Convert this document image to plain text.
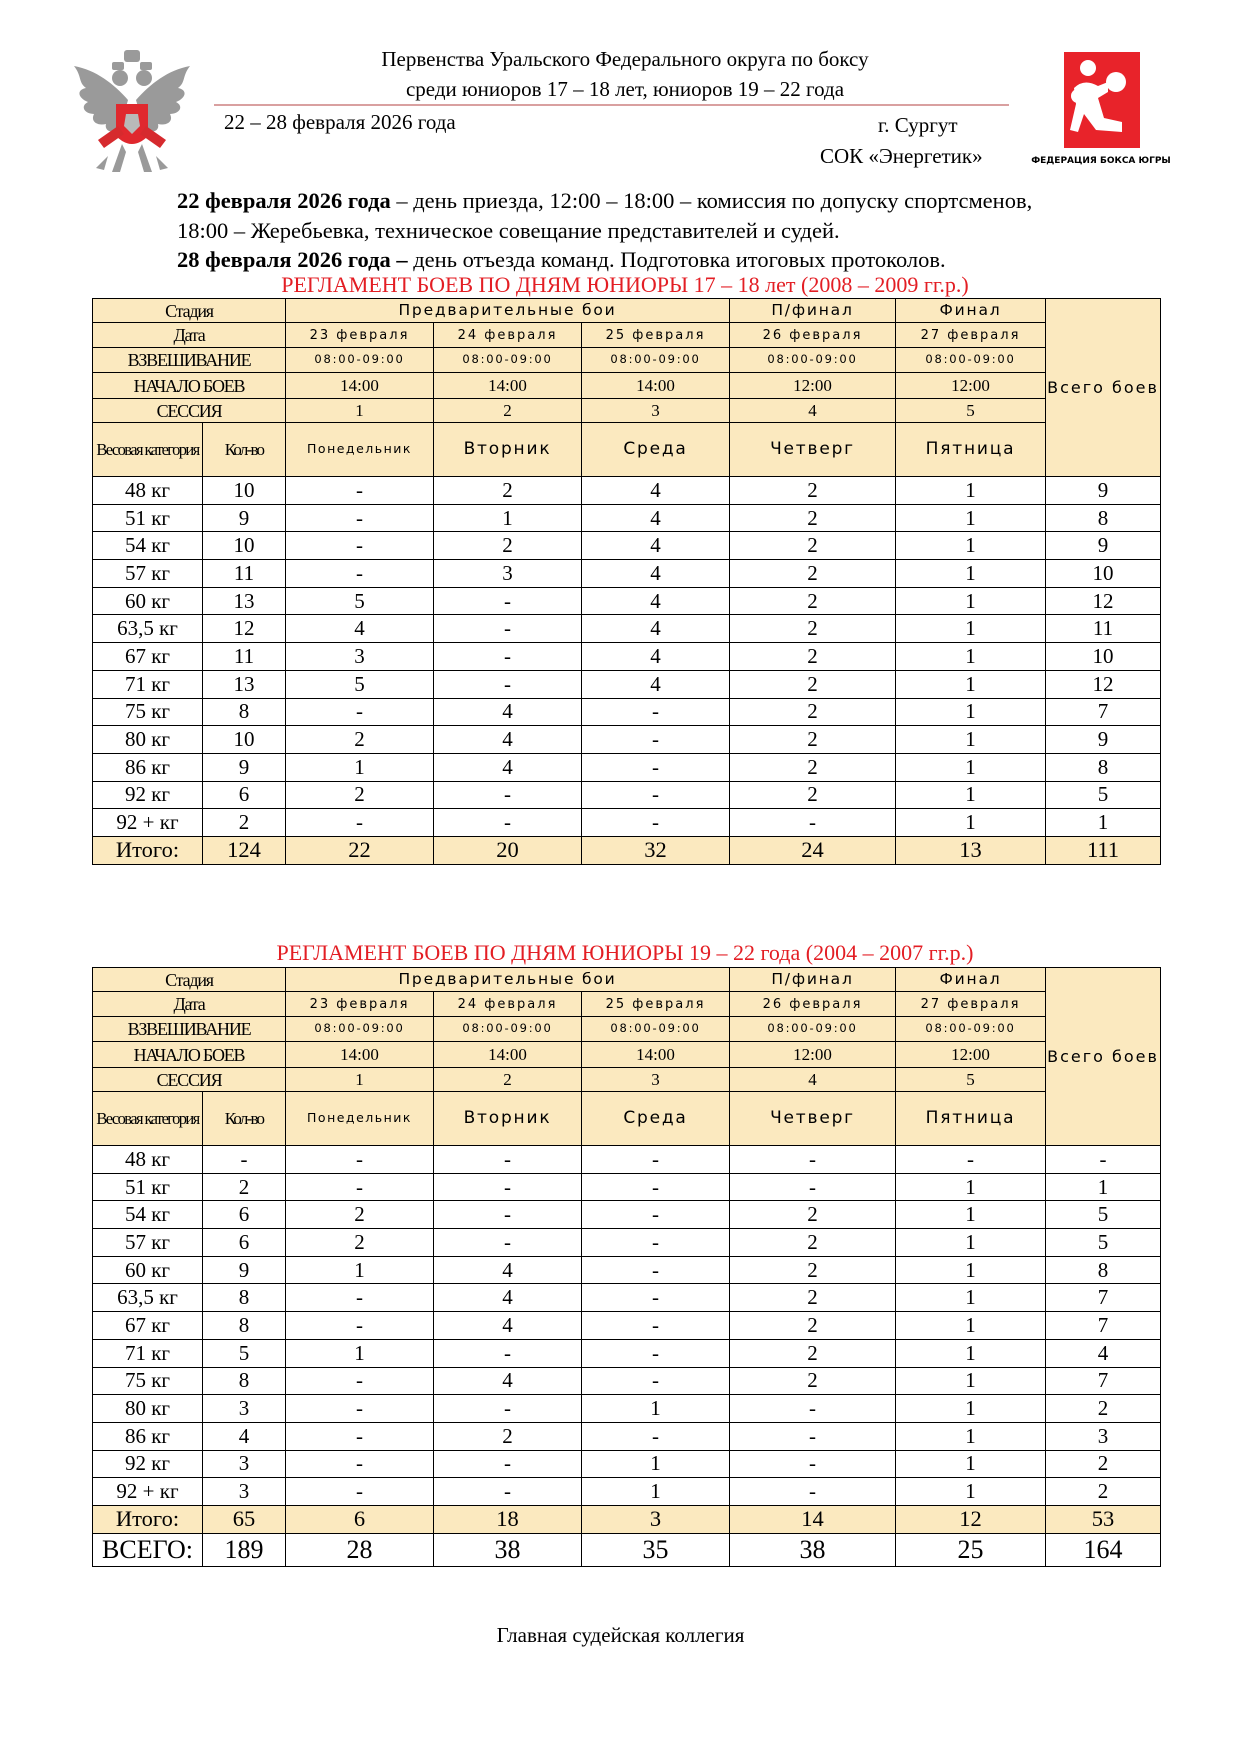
ФЕДЕРАЦИЯ БОКСА ЮГРЫ
Первенства Уральского Федерального округа по боксу
среди юниоров 17 – 18 лет, юниоров 19 – 22 года
22 – 28 февраля 2026 года	г. Сургут
СОК «Энергетик»
22 февраля 2026 года – день приезда, 12:00 – 18:00 – комиссия по допуску спортсменов,
18:00 – Жеребьевка, техническое совещание представителей и судей.
28 февраля 2026 года – день отъезда команд. Подготовка итоговых протоколов.
РЕГЛАМЕНТ БОЕВ ПО ДНЯМ ЮНИОРЫ 17 – 18 лет (2008 – 2009 гг.р.)
Стадия		Предварительные бои			П/финал	Финал	Всего боев
Дата		23 февраля	24 февраля	25 февраля	26 февраля	27 февраля	
ВЗВЕШИВАНИЕ		08:00-09:00	08:00-09:00	08:00-09:00	08:00-09:00	08:00-09:00	
НАЧАЛО БОЕВ		14:00	14:00	14:00	12:00	12:00	
СЕССИЯ		1	2	3	4	5	
Весовая категория	Кол-во	Понедельник	Вторник	Среда	Четверг	Пятница	
48 кг	10	-	2	4	2	1	9
51 кг	9	-	1	4	2	1	8
54 кг	10	-	2	4	2	1	9
57 кг	11	-	3	4	2	1	10
60 кг	13	5	-	4	2	1	12
63,5 кг	12	4	-	4	2	1	11
67 кг	11	3	-	4	2	1	10
71 кг	13	5	-	4	2	1	12
75 кг	8	-	4	-	2	1	7
80 кг	10	2	4	-	2	1	9
86 кг	9	1	4	-	2	1	8
92 кг	6	2	-	-	2	1	5
92 + кг	2	-	-	-	-	1	1
Итого:	124	22	20	32	24	13	111
РЕГЛАМЕНТ БОЕВ ПО ДНЯМ ЮНИОРЫ 19 – 22 года (2004 – 2007 гг.р.)
Стадия		Предварительные бои			П/финал	Финал	Всего боев
Дата		23 февраля	24 февраля	25 февраля	26 февраля	27 февраля	
ВЗВЕШИВАНИЕ		08:00-09:00	08:00-09:00	08:00-09:00	08:00-09:00	08:00-09:00	
НАЧАЛО БОЕВ		14:00	14:00	14:00	12:00	12:00	
СЕССИЯ		1	2	3	4	5	
Весовая категория	Кол-во	Понедельник	Вторник	Среда	Четверг	Пятница	
48 кг	-	-	-	-	-	-	-
51 кг	2	-	-	-	-	1	1
54 кг	6	2	-	-	2	1	5
57 кг	6	2	-	-	2	1	5
60 кг	9	1	4	-	2	1	8
63,5 кг	8	-	4	-	2	1	7
67 кг	8	-	4	-	2	1	7
71 кг	5	1	-	-	2	1	4
75 кг	8	-	4	-	2	1	7
80 кг	3	-	-	1	-	1	2
86 кг	4	-	2	-	-	1	3
92 кг	3	-	-	1	-	1	2
92 + кг	3	-	-	1	-	1	2
Итого:	65	6	18	3	14	12	53
ВСЕГО:	189	28	38	35	38	25	164
Главная судейская коллегия
